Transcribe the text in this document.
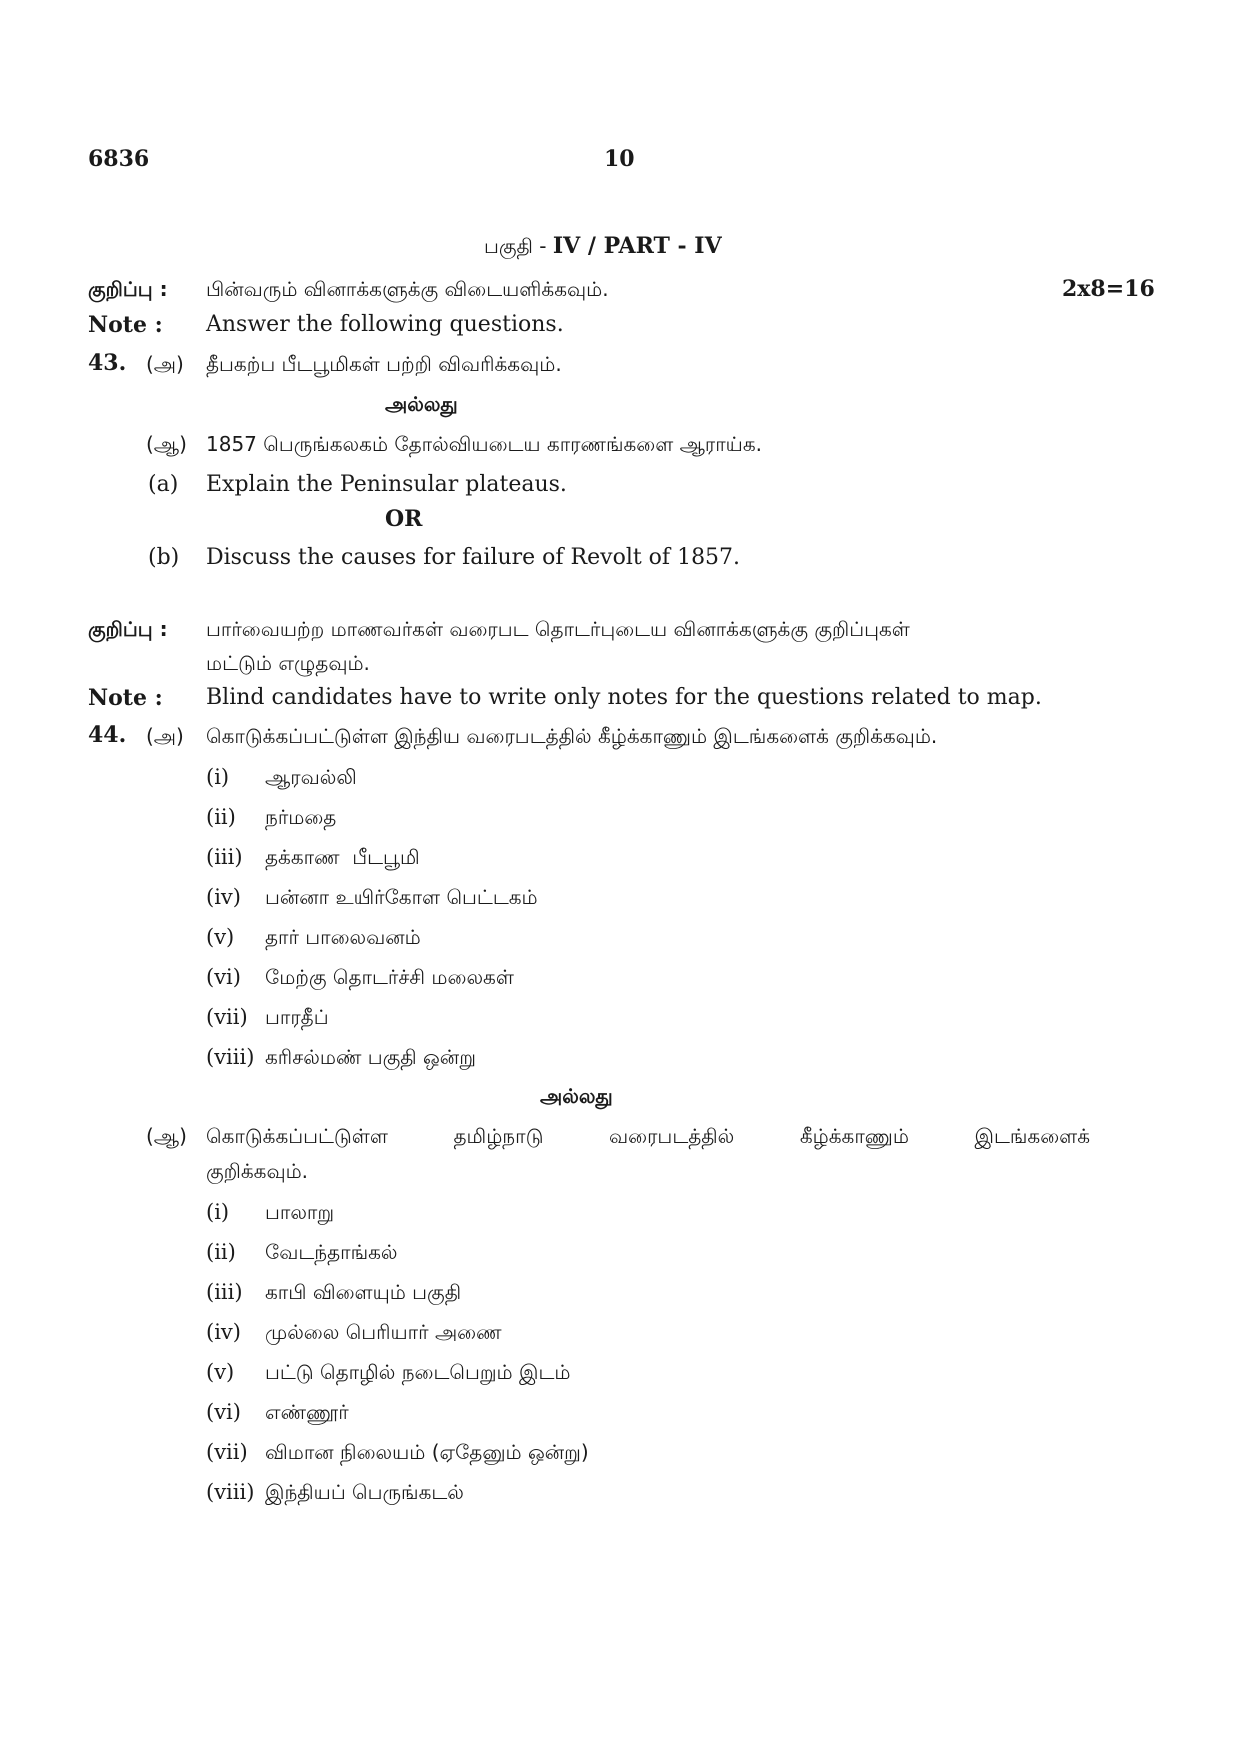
6836	10
பகுதி - IV / PART - IV
குறிப்பு : பின்வரும் வினாக்களுக்கு விடையளிக்கவும்.	2x8=16
Note : Answer the following questions.
43. (அ) தீபகற்ப பீடபூமிகள் பற்றி விவரிக்கவும்.
அல்லது
(ஆ) 1857 பெருங்கலகம் தோல்வியடைய காரணங்களை ஆராய்க.
(a) Explain the Peninsular plateaus.
OR
(b) Discuss the causes for failure of Revolt of 1857.
குறிப்பு : பார்வையற்ற மாணவர்கள் வரைபட தொடர்புடைய வினாக்களுக்கு குறிப்புகள்
மட்டும் எழுதவும்.
Note : Blind candidates have to write only notes for the questions related to map.
44. (அ) கொடுக்கப்பட்டுள்ள இந்திய வரைபடத்தில் கீழ்க்காணும் இடங்களைக் குறிக்கவும்.
(i) ஆரவல்லி
(ii) நர்மதை
(iii) தக்காண  பீடபூமி
(iv) பன்னா உயிர்கோள பெட்டகம்
(v) தார் பாலைவனம்
(vi) மேற்கு தொடர்ச்சி மலைகள்
(vii) பாரதீப்
(viii) கரிசல்மண் பகுதி ஒன்று
அல்லது
(ஆ) கொடுக்கப்பட்டுள்ள தமிழ்நாடு வரைபடத்தில் கீழ்க்காணும் இடங்களைக்
குறிக்கவும்.
(i) பாலாறு
(ii) வேடந்தாங்கல்
(iii) காபி விளையும் பகுதி
(iv) முல்லை பெரியார் அணை
(v) பட்டு தொழில் நடைபெறும் இடம்
(vi) எண்ணூர்
(vii) விமான நிலையம் (ஏதேனும் ஒன்று)
(viii) இந்தியப் பெருங்கடல்
